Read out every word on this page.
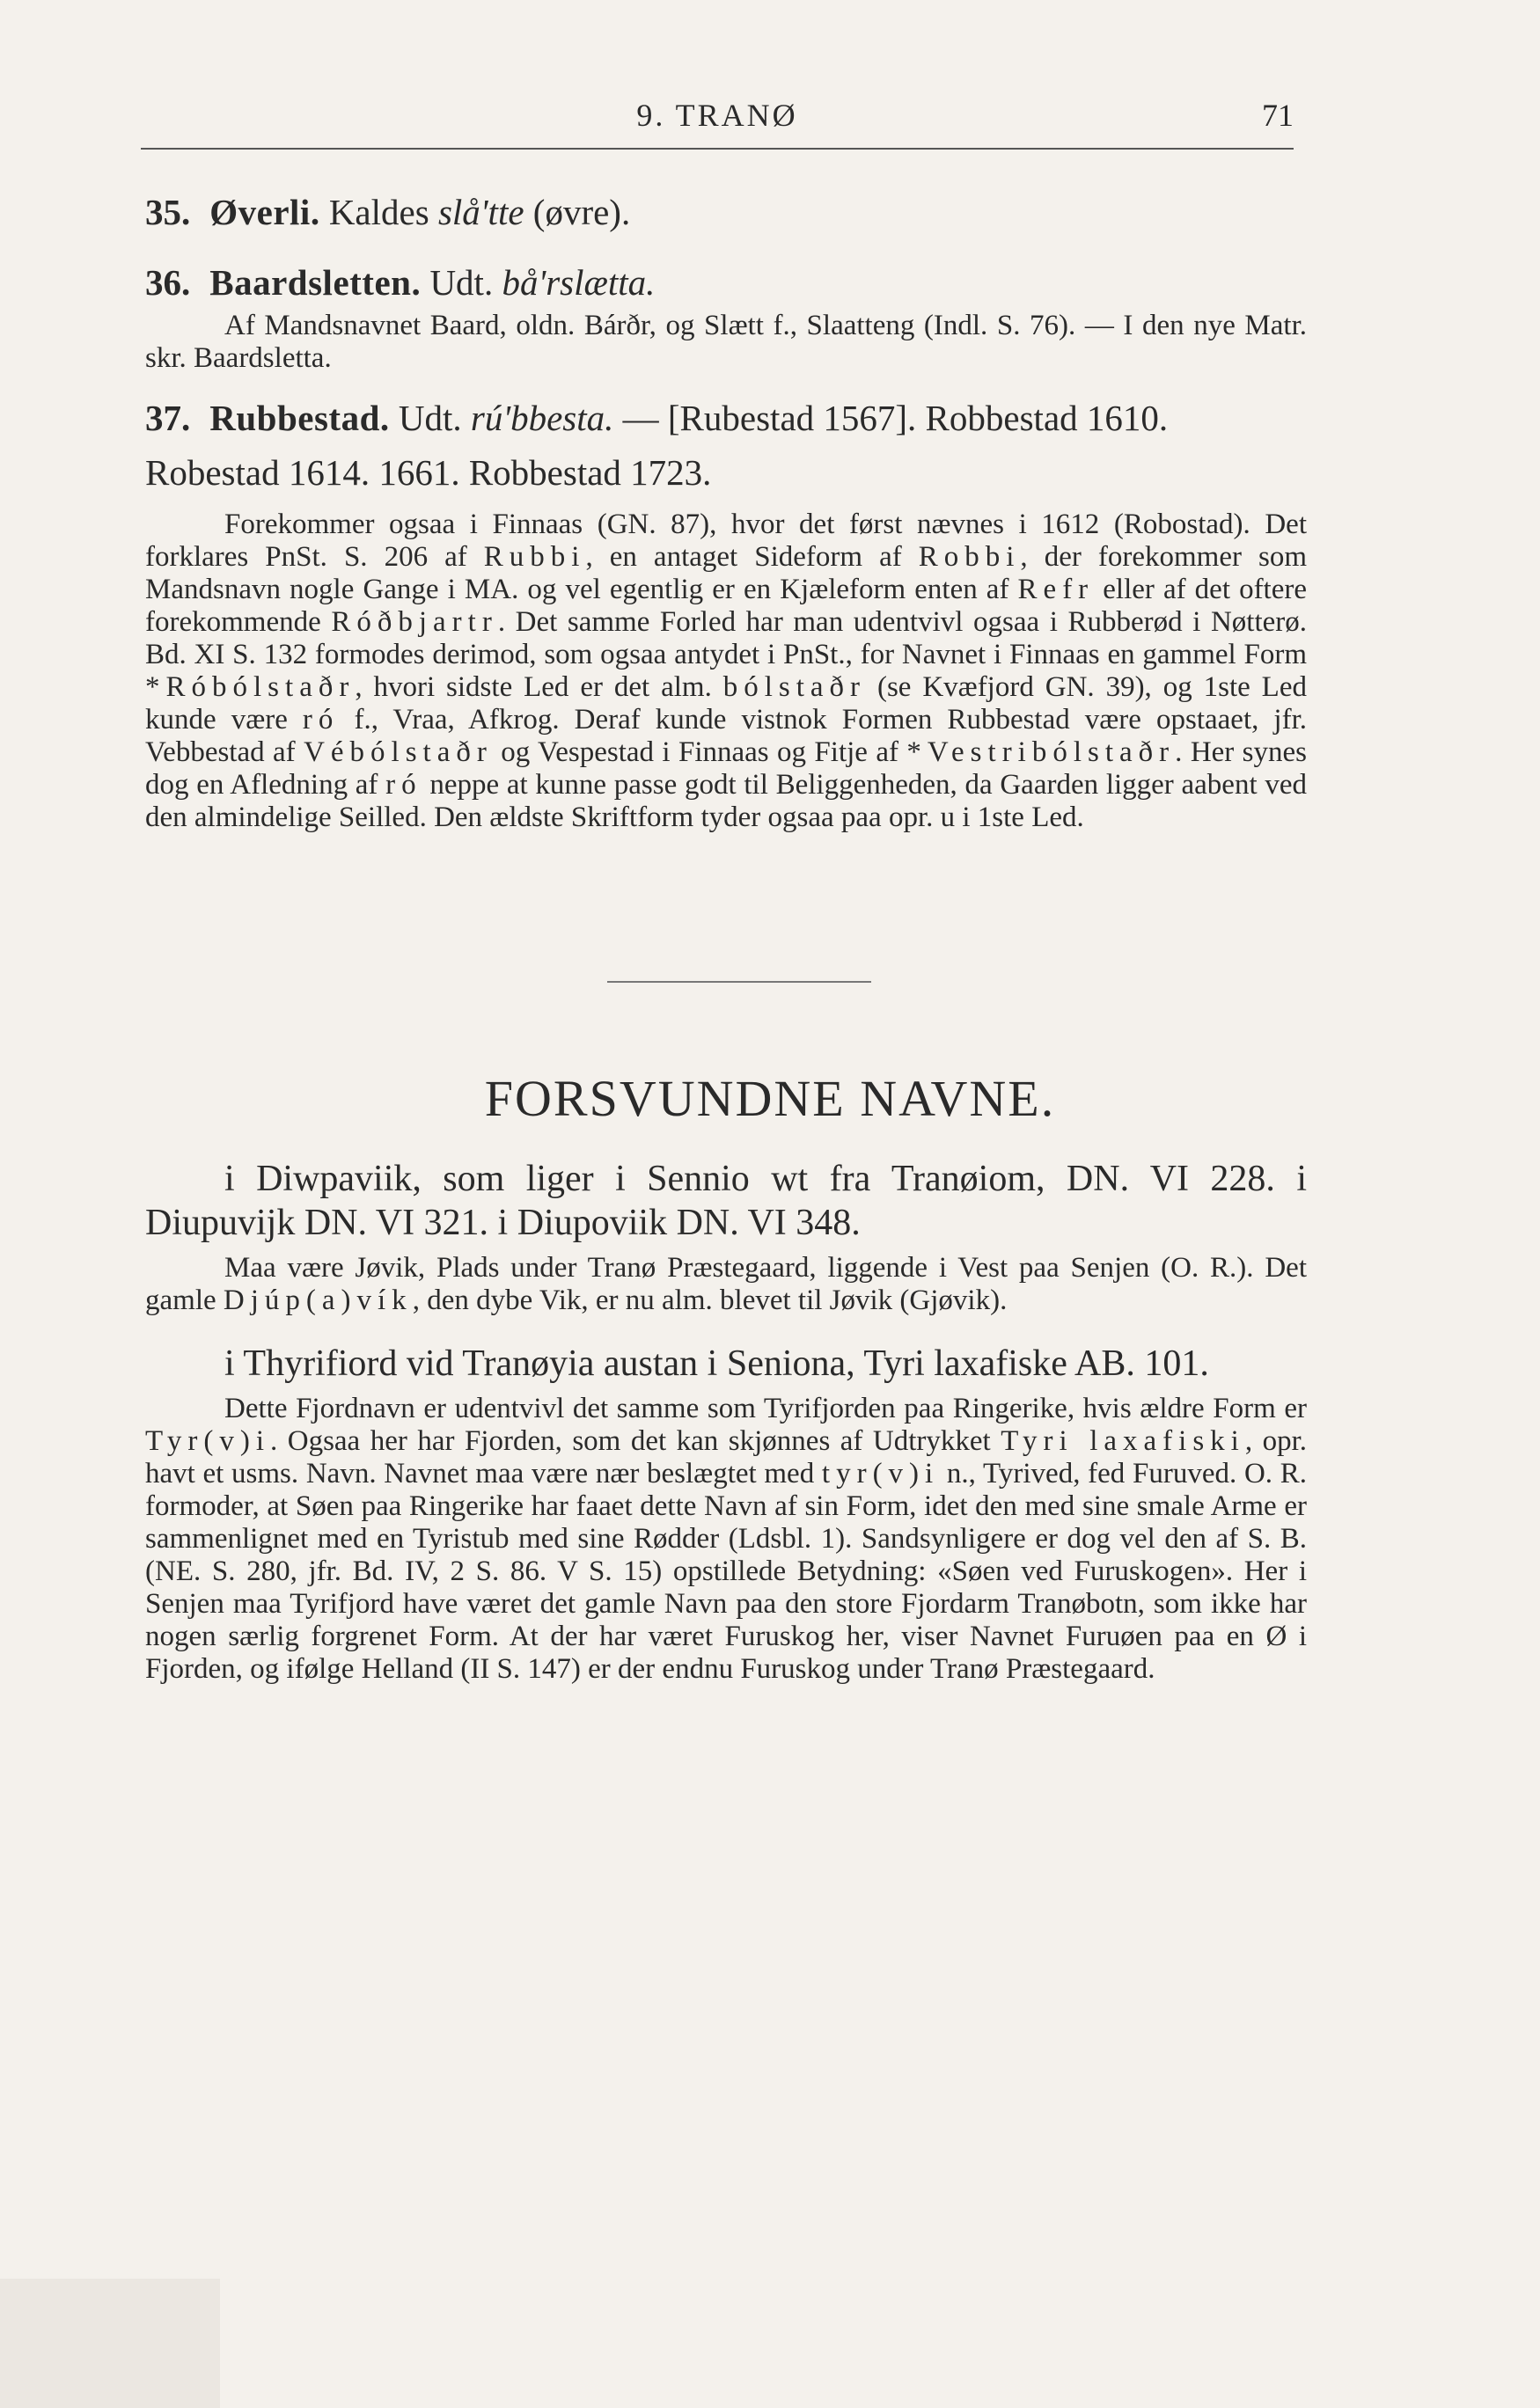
9. TRANØ	71

35. Øverli. Kaldes slå'tte (øvre).

36. Baardsletten. Udt. bå'rslætta.

Af Mandsnavnet Baard, oldn. Bárðr, og Slætt f., Slaatteng (Indl. S. 76). — I den nye Matr. skr. Baardsletta.

37. Rubbestad. Udt. rú'bbesta. — [Rubestad 1567]. Robbestad 1610. Robestad 1614. 1661. Robbestad 1723.

Forekommer ogsaa i Finnaas (GN. 87), hvor det først nævnes i 1612 (Robostad). Det forklares PnSt. S. 206 af Rubbi, en antaget Sideform af Robbi, der forekommer som Mandsnavn nogle Gange i MA. og vel egentlig er en Kjæleform enten af Refr eller af det oftere forekommende Róðbjartr. Det samme Forled har man udentvivl ogsaa i Rubberød i Nøtterø. Bd. XI S. 132 formodes derimod, som ogsaa antydet i PnSt., for Navnet i Finnaas en gammel Form *Róbólstaðr, hvori sidste Led er det alm. bólstaðr (se Kvæfjord GN. 39), og 1ste Led kunde være ró f., Vraa, Afkrog. Deraf kunde vistnok Formen Rubbestad være opstaaet, jfr. Vebbestad af Vébólstaðr og Vespestad i Finnaas og Fitje af *Vestribólstaðr. Her synes dog en Afledning af ró neppe at kunne passe godt til Beliggenheden, da Gaarden ligger aabent ved den almindelige Seilled. Den ældste Skriftform tyder ogsaa paa opr. u i 1ste Led.

FORSVUNDNE NAVNE.

i Diwpaviik, som liger i Sennio wt fra Tranøiom, DN. VI 228. i Diupuvijk DN. VI 321. i Diupoviik DN. VI 348.

Maa være Jøvik, Plads under Tranø Præstegaard, liggende i Vest paa Senjen (O. R.). Det gamle Djúp(a)vík, den dybe Vik, er nu alm. blevet til Jøvik (Gjøvik).

i Thyrifiord vid Tranøyia austan i Seniona, Tyri laxafiske AB. 101.

Dette Fjordnavn er udentvivl det samme som Tyrifjorden paa Ringerike, hvis ældre Form er Tyr(v)i. Ogsaa her har Fjorden, som det kan skjønnes af Udtrykket Tyri laxafiski, opr. havt et usms. Navn. Navnet maa være nær beslægtet med tyr(v)i n., Tyrived, fed Furuved. O. R. formoder, at Søen paa Ringerike har faaet dette Navn af sin Form, idet den med sine smale Arme er sammenlignet med en Tyristub med sine Rødder (Ldsbl. 1). Sandsynligere er dog vel den af S. B. (NE. S. 280, jfr. Bd. IV, 2 S. 86. V S. 15) opstillede Betydning: «Søen ved Furuskogen». Her i Senjen maa Tyrifjord have været det gamle Navn paa den store Fjordarm Tranøbotn, som ikke har nogen særlig forgrenet Form. At der har været Furuskog her, viser Navnet Furuøen paa en Ø i Fjorden, og ifølge Helland (II S. 147) er der endnu Furuskog under Tranø Præstegaard.
